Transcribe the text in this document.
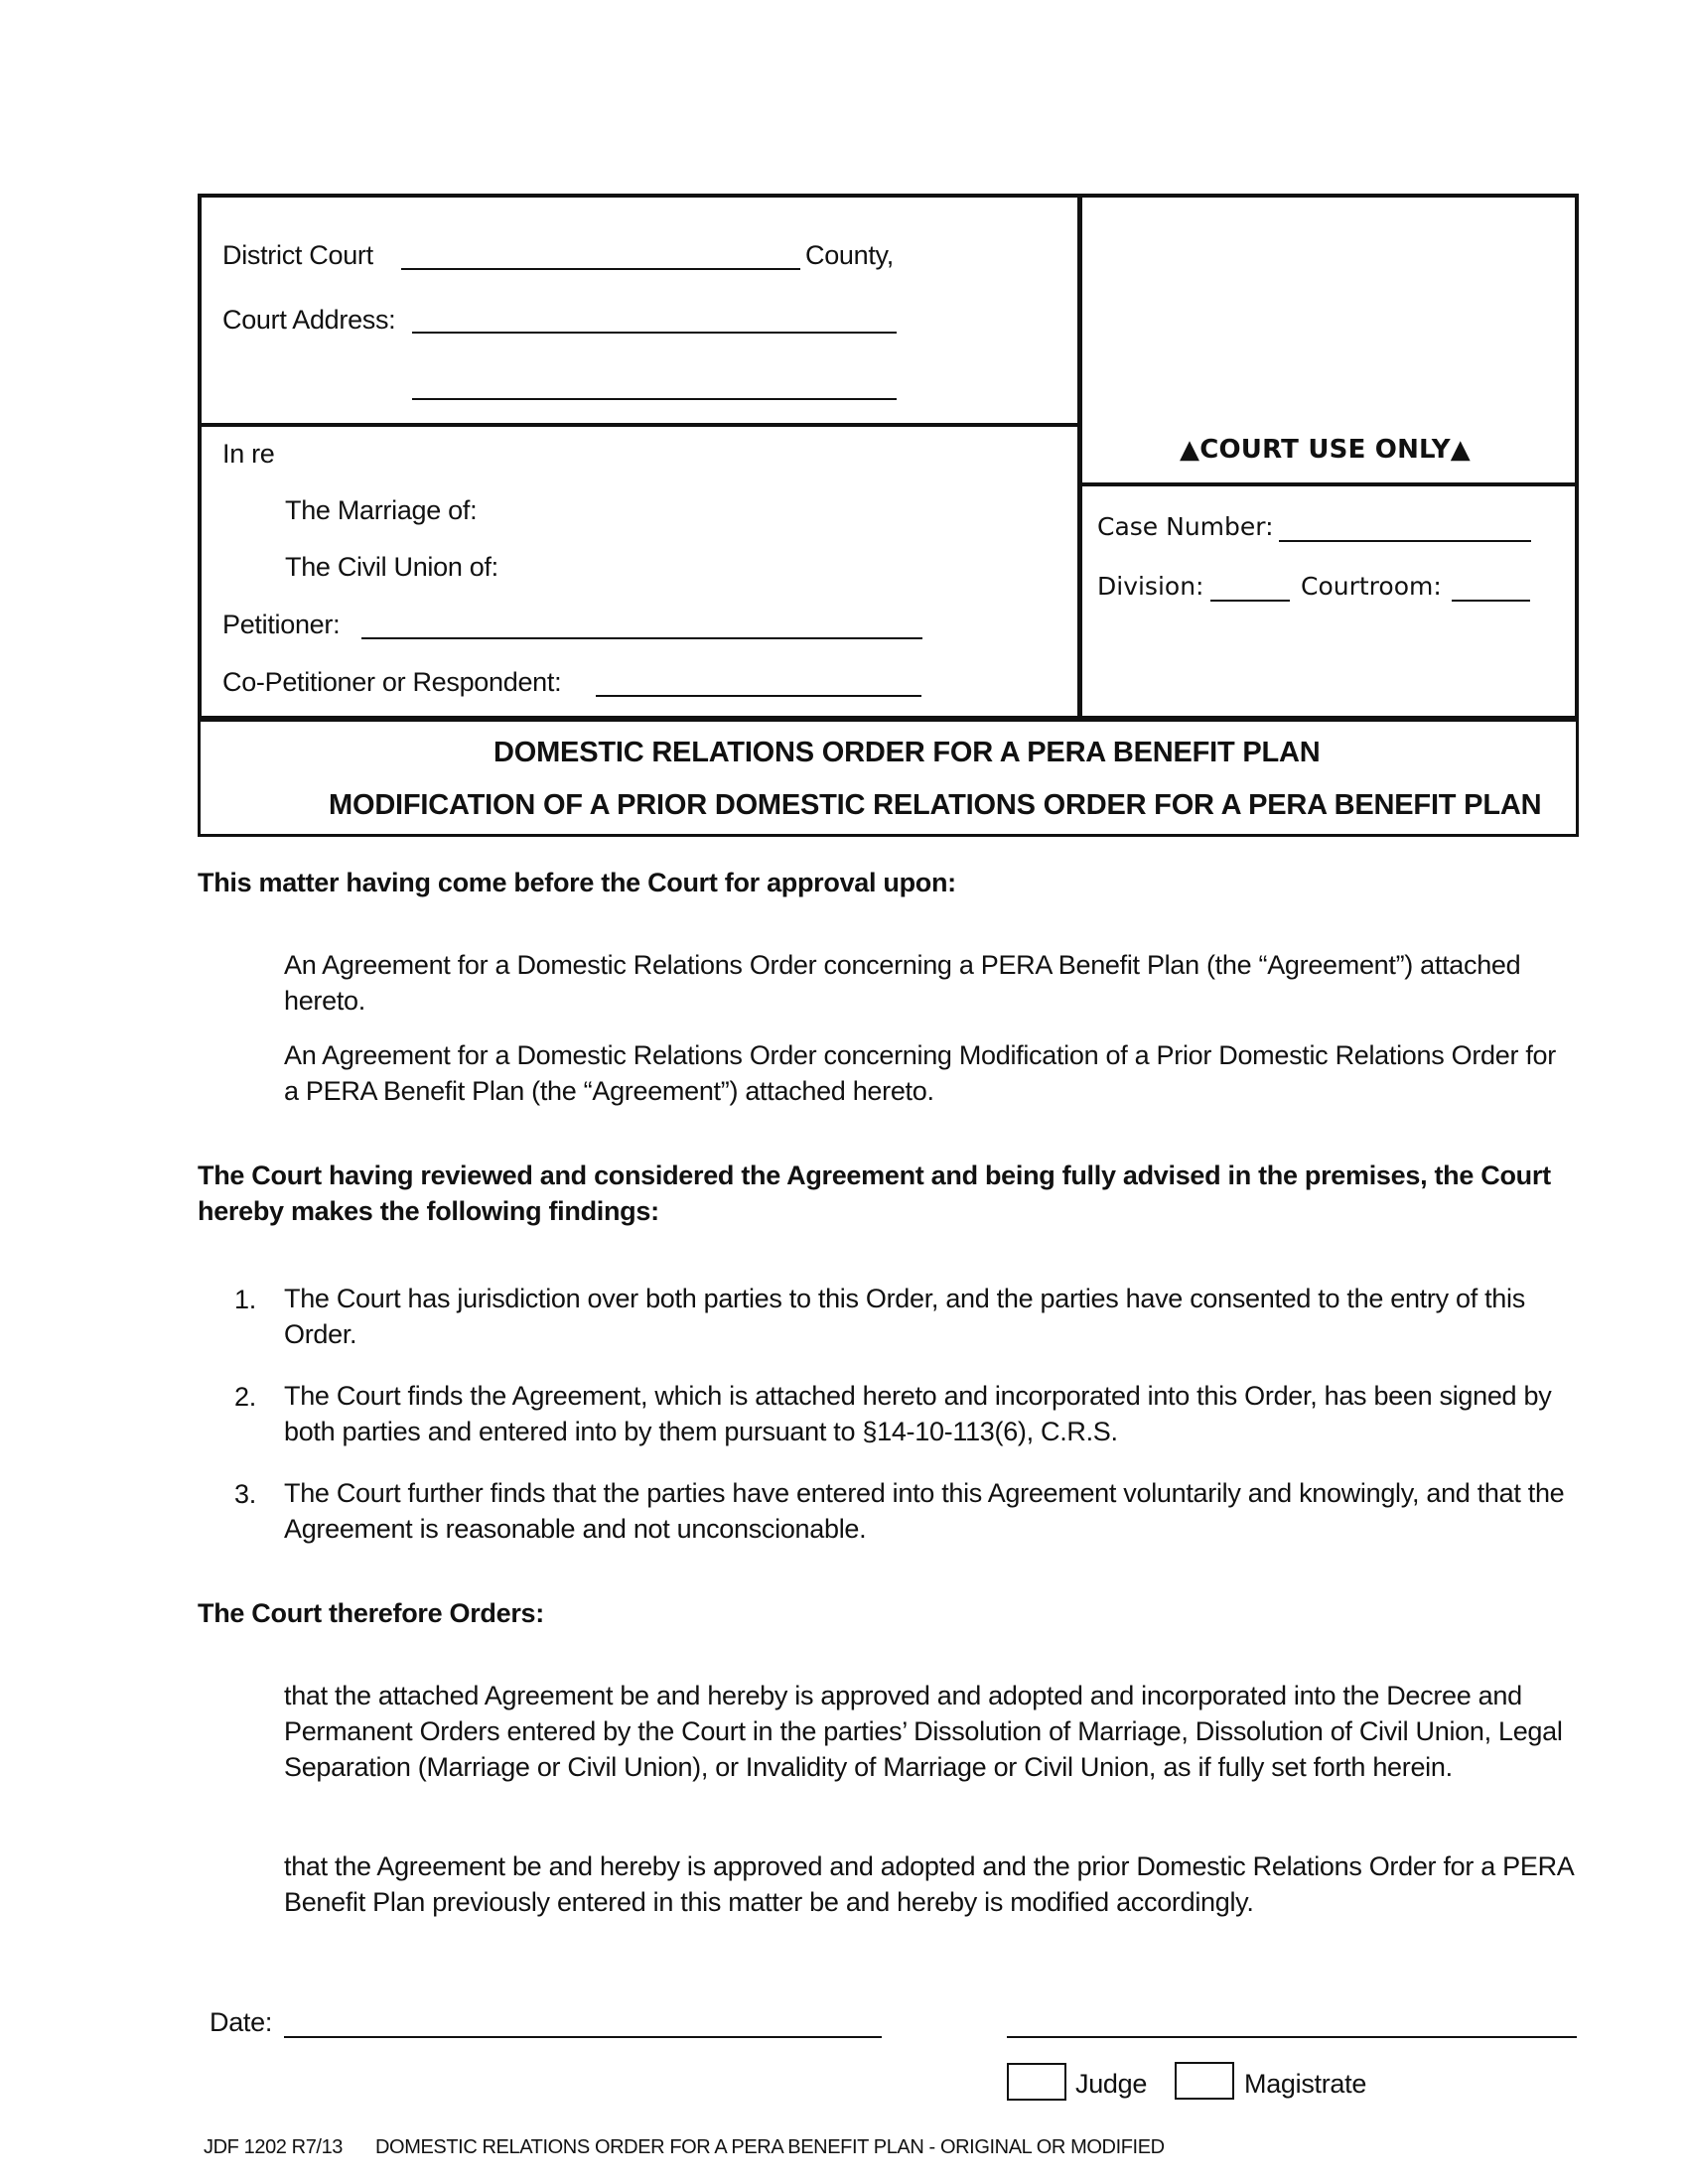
District Court	County,
Court Address:
In re
The Marriage of:
The Civil Union of:
Petitioner:
Co-Petitioner or Respondent:
▲COURT USE ONLY▲
Case Number:
Division:	Courtroom:
DOMESTIC RELATIONS ORDER FOR A PERA BENEFIT PLAN
MODIFICATION OF A PRIOR DOMESTIC RELATIONS ORDER FOR A PERA BENEFIT PLAN
This matter having come before the Court for approval upon:
An Agreement for a Domestic Relations Order concerning a PERA Benefit Plan (the “Agreement”) attached hereto.
An Agreement for a Domestic Relations Order concerning Modification of a Prior Domestic Relations Order for a PERA Benefit Plan (the “Agreement”) attached hereto.
The Court having reviewed and considered the Agreement and being fully advised in the premises, the Court hereby makes the following findings:
1. The Court has jurisdiction over both parties to this Order, and the parties have consented to the entry of this Order.
2. The Court finds the Agreement, which is attached hereto and incorporated into this Order, has been signed by both parties and entered into by them pursuant to §14-10-113(6), C.R.S.
3. The Court further finds that the parties have entered into this Agreement voluntarily and knowingly, and that the Agreement is reasonable and not unconscionable.
The Court therefore Orders:
that the attached Agreement be and hereby is approved and adopted and incorporated into the Decree and Permanent Orders entered by the Court in the parties’ Dissolution of Marriage, Dissolution of Civil Union, Legal Separation (Marriage or Civil Union), or Invalidity of Marriage or Civil Union, as if fully set forth herein.
that the Agreement be and hereby is approved and adopted and the prior Domestic Relations Order for a PERA Benefit Plan previously entered in this matter be and hereby is modified accordingly.
Date:
Judge	Magistrate
JDF 1202 R7/13 DOMESTIC RELATIONS ORDER FOR A PERA BENEFIT PLAN - ORIGINAL OR MODIFIED
